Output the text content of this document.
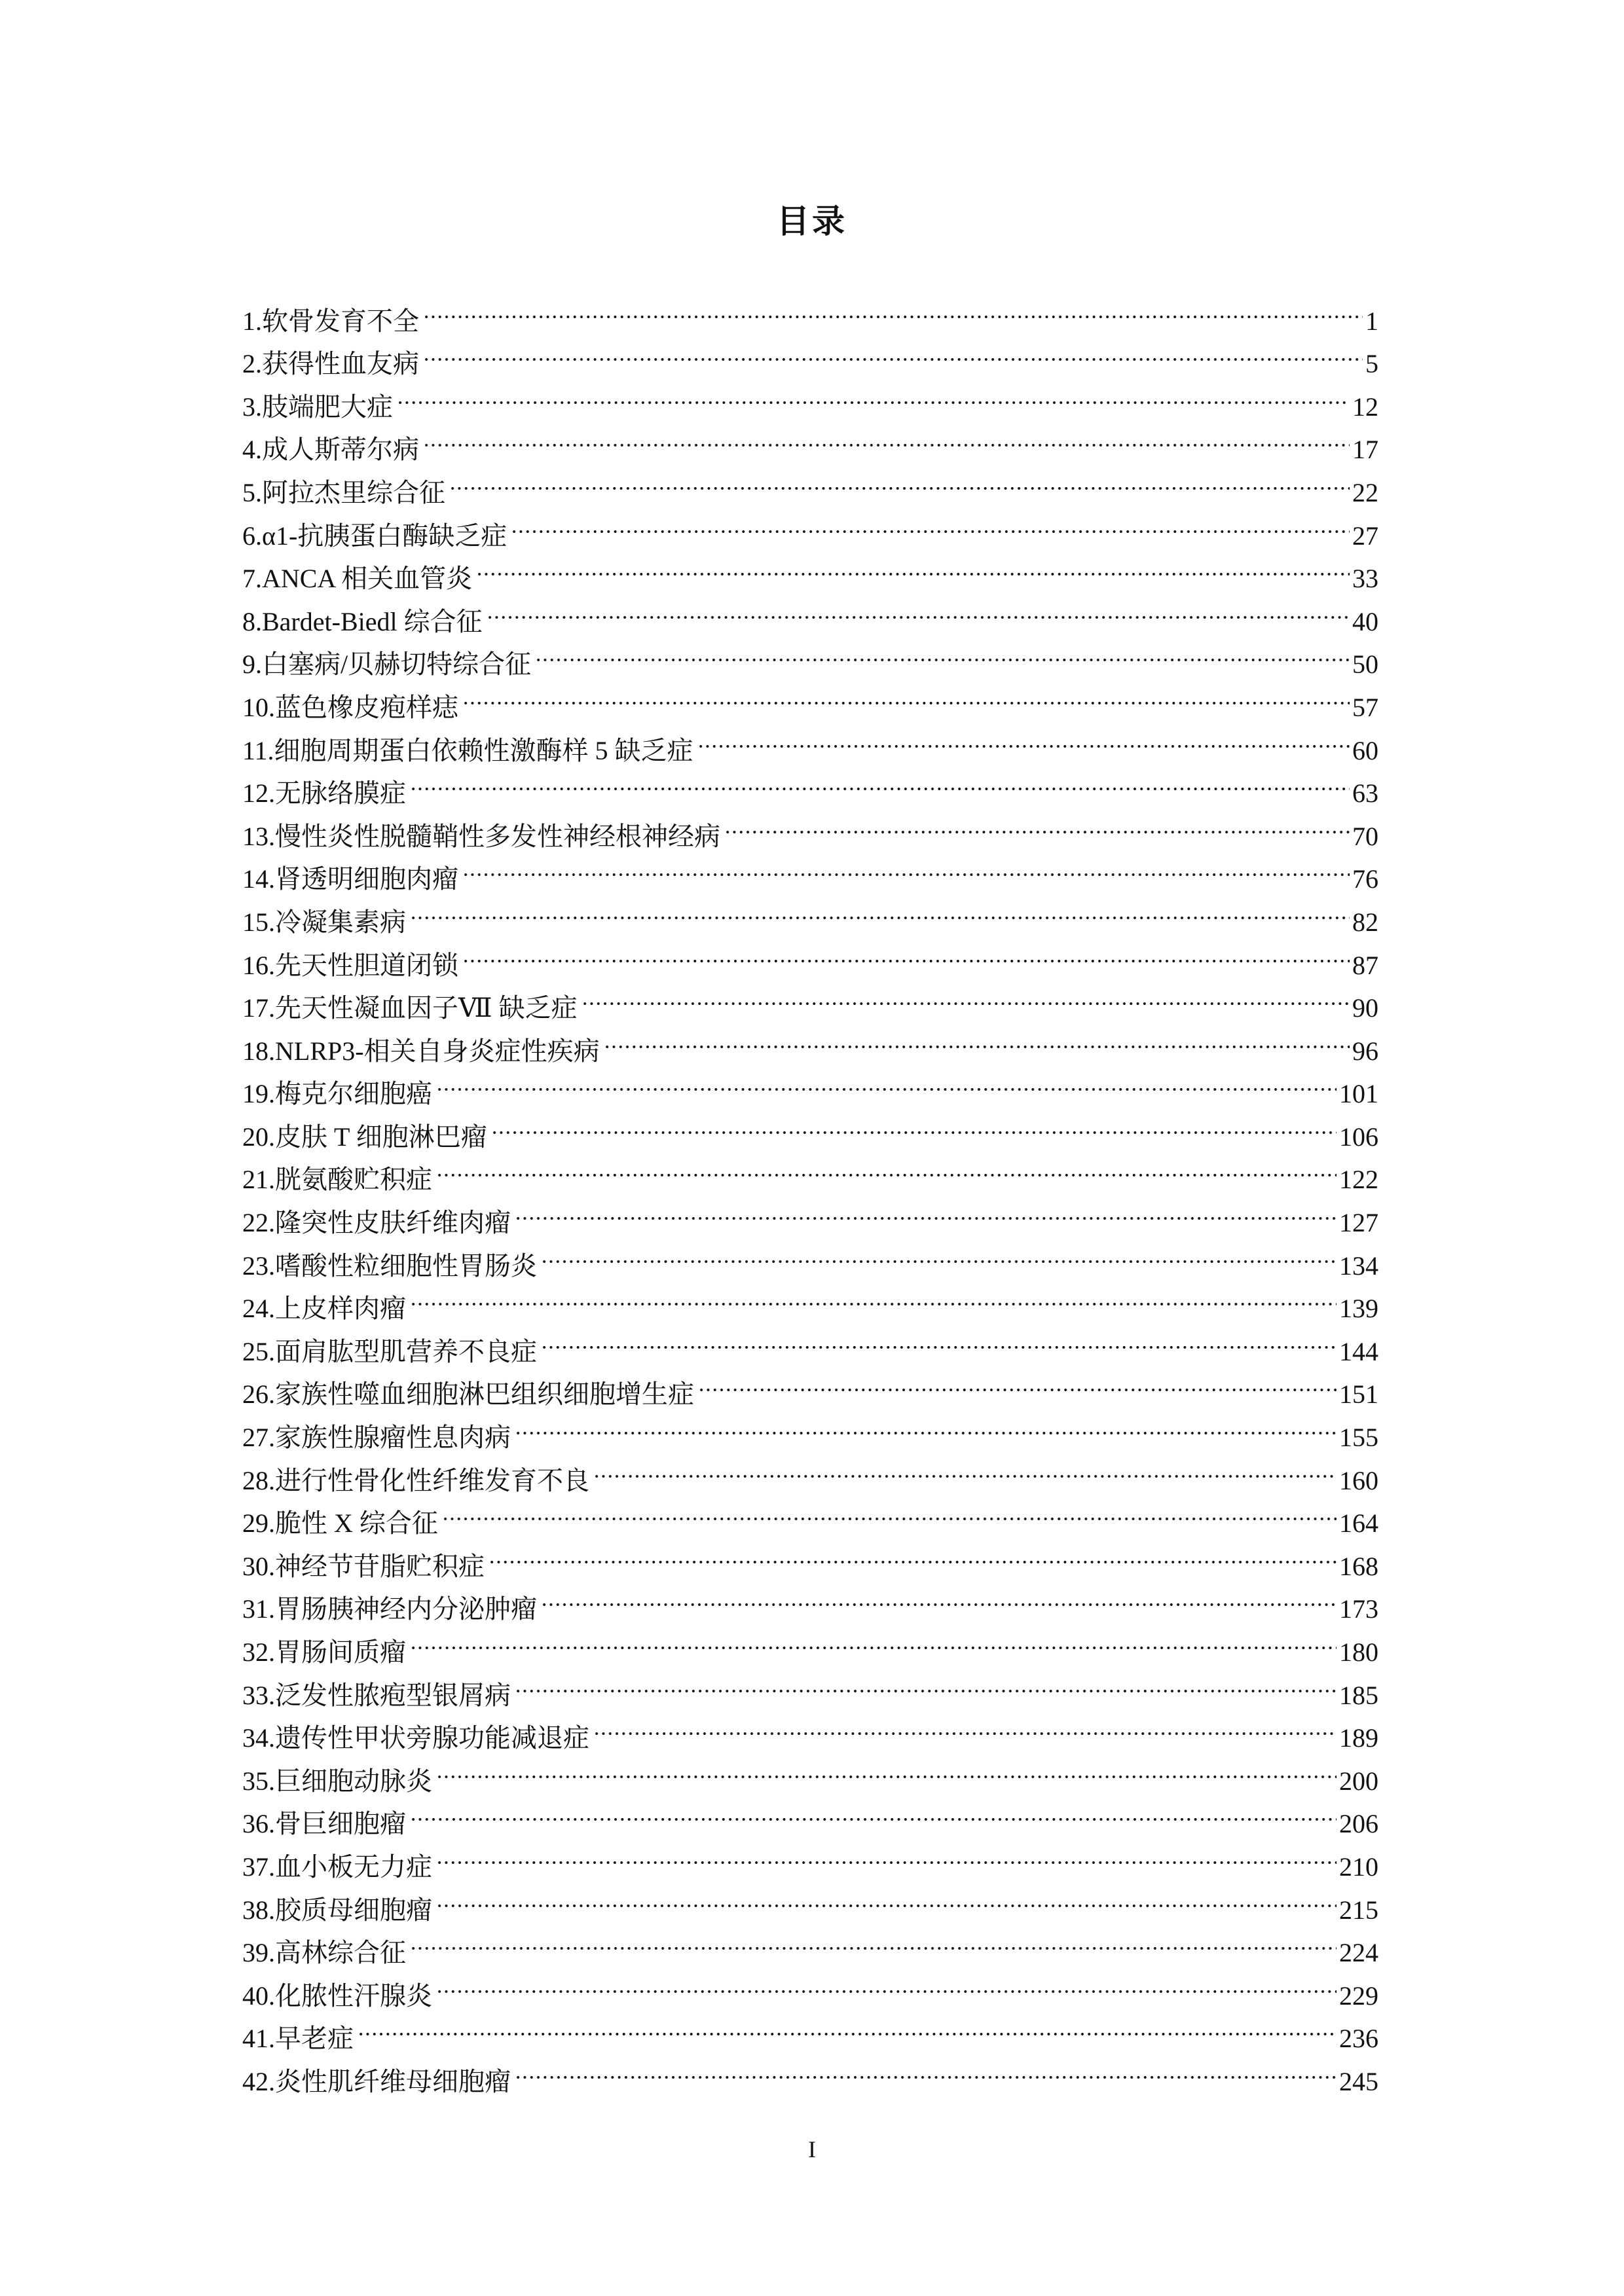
目录
1.软骨发育不全	1
2.获得性血友病	5
3.肢端肥大症	12
4.成人斯蒂尔病	17
5.阿拉杰里综合征	22
6.α1-抗胰蛋白酶缺乏症	27
7.ANCA 相关血管炎	33
8.Bardet-Biedl 综合征	40
9.白塞病/贝赫切特综合征	50
10.蓝色橡皮疱样痣	57
11.细胞周期蛋白依赖性激酶样 5 缺乏症	60
12.无脉络膜症	63
13.慢性炎性脱髓鞘性多发性神经根神经病	70
14.肾透明细胞肉瘤	76
15.冷凝集素病	82
16.先天性胆道闭锁	87
17.先天性凝血因子Ⅶ 缺乏症	90
18.NLRP3-相关自身炎症性疾病	96
19.梅克尔细胞癌	101
20.皮肤 T 细胞淋巴瘤	106
21.胱氨酸贮积症	122
22.隆突性皮肤纤维肉瘤	127
23.嗜酸性粒细胞性胃肠炎	134
24.上皮样肉瘤	139
25.面肩肱型肌营养不良症	144
26.家族性噬血细胞淋巴组织细胞增生症	151
27.家族性腺瘤性息肉病	155
28.进行性骨化性纤维发育不良	160
29.脆性 X 综合征	164
30.神经节苷脂贮积症	168
31.胃肠胰神经内分泌肿瘤	173
32.胃肠间质瘤	180
33.泛发性脓疱型银屑病	185
34.遗传性甲状旁腺功能减退症	189
35.巨细胞动脉炎	200
36.骨巨细胞瘤	206
37.血小板无力症	210
38.胶质母细胞瘤	215
39.高林综合征	224
40.化脓性汗腺炎	229
41.早老症	236
42.炎性肌纤维母细胞瘤	245
I
